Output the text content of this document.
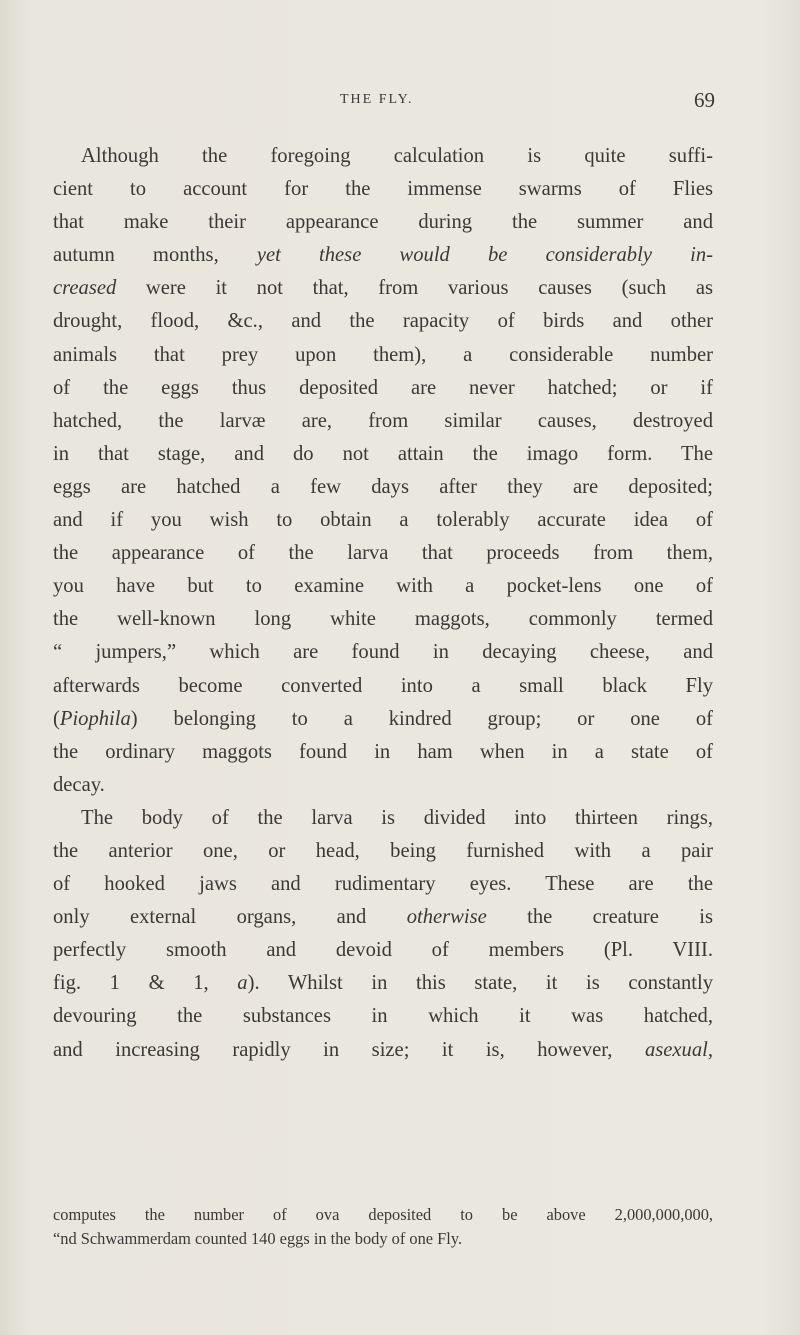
THE FLY.	69

Although the foregoing calculation is quite suffi-

cient to account for the immense swarms of Flies

that make their appearance during the summer and

autumn months, yet these would be considerably in-

creased were it not that, from various causes (such as

drought, flood, &c., and the rapacity of birds and other

animals that prey upon them), a considerable number

of the eggs thus deposited are never hatched; or if

hatched, the larvæ are, from similar causes, destroyed

in that stage, and do not attain the imago form. The

eggs are hatched a few days after they are deposited;

and if you wish to obtain a tolerably accurate idea of

the appearance of the larva that proceeds from them,

you have but to examine with a pocket-lens one of

the well-known long white maggots, commonly termed

“ jumpers,” which are found in decaying cheese, and

afterwards become converted into a small black Fly

(Piophila) belonging to a kindred group; or one of

the ordinary maggots found in ham when in a state of

decay.

The body of the larva is divided into thirteen rings,

the anterior one, or head, being furnished with a pair

of hooked jaws and rudimentary eyes. These are the

only external organs, and otherwise the creature is

perfectly smooth and devoid of members (Pl. VIII.

fig. 1 & 1, a). Whilst in this state, it is constantly

devouring the substances in which it was hatched,

and increasing rapidly in size; it is, however, asexual,

computes the number of ova deposited to be above 2,000,000,000,

“nd Schwammerdam counted 140 eggs in the body of one Fly.
